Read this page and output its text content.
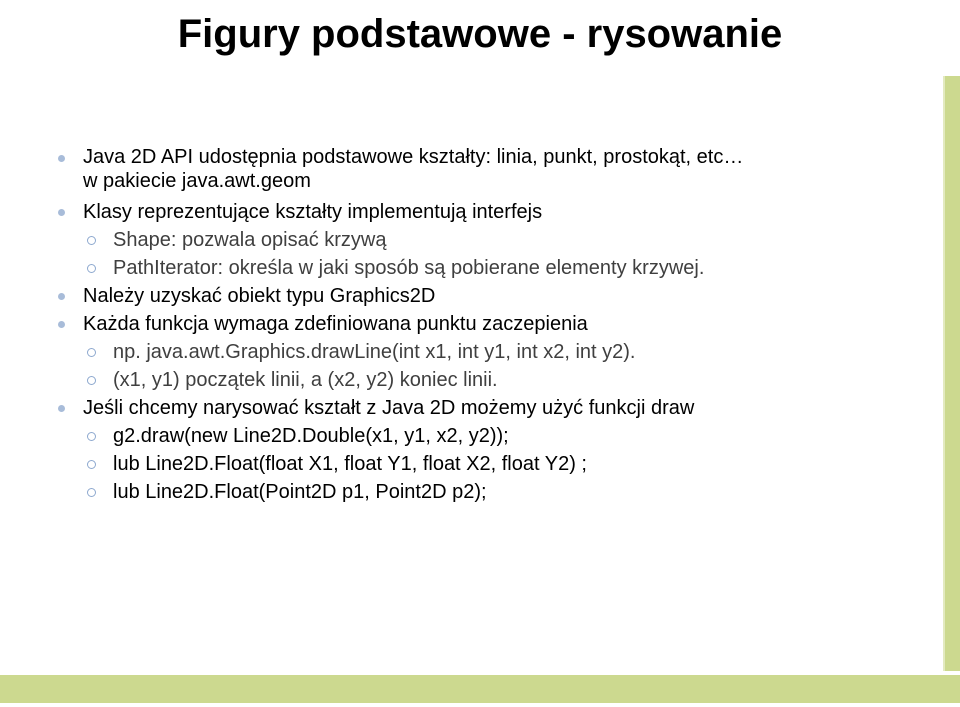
Figury podstawowe - rysowanie
Java 2D API udostępnia podstawowe kształty: linia, punkt, prostokąt, etc…
w pakiecie java.awt.geom
Klasy reprezentujące kształty implementują interfejs
Shape: pozwala opisać krzywą
PathIterator: określa w jaki sposób są pobierane elementy krzywej.
Należy uzyskać obiekt typu Graphics2D
Każda funkcja wymaga zdefiniowana punktu zaczepienia
np. java.awt.Graphics.drawLine(int x1, int y1, int x2, int y2).
(x1, y1) początek linii, a (x2, y2) koniec linii.
Jeśli chcemy narysować kształt z Java 2D możemy użyć funkcji draw
g2.draw(new Line2D.Double(x1, y1, x2, y2));
lub Line2D.Float(float X1, float Y1, float X2, float Y2) ;
lub Line2D.Float(Point2D p1, Point2D p2);
